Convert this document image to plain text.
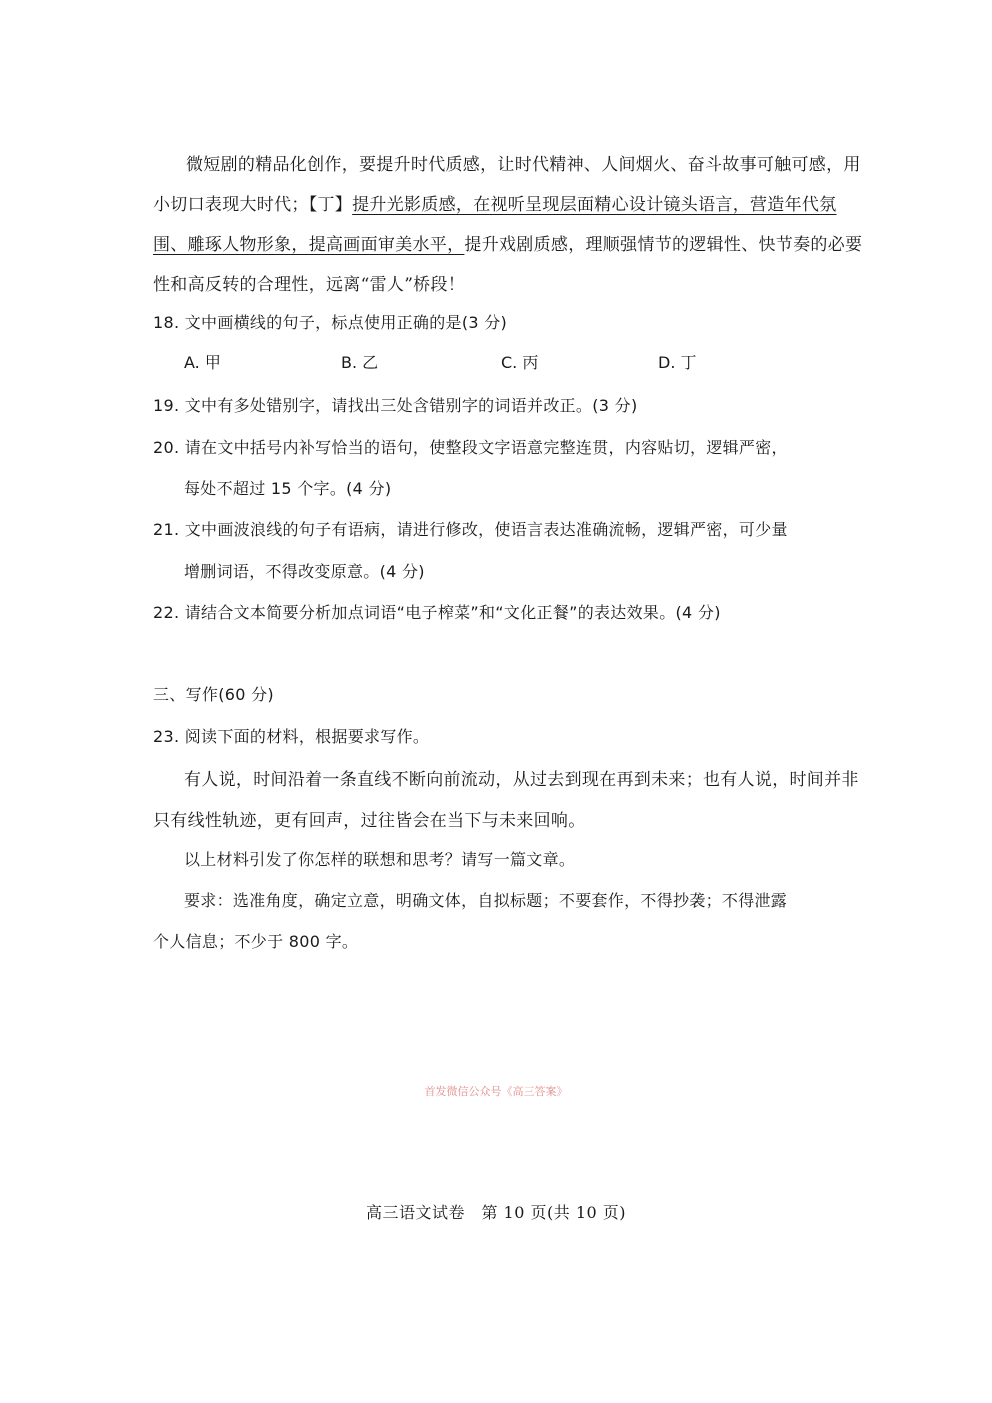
微短剧的精品化创作，要提升时代质感，让时代精神、人间烟火、奋斗故事可触可感，用
小切口表现大时代；【丁】提升光影质感，在视听呈现层面精心设计镜头语言，营造年代氛
围、雕琢人物形象，提高画面审美水平，提升戏剧质感，理顺强情节的逻辑性、快节奏的必要
性和高反转的合理性，远离“雷人”桥段！
18. 文中画横线的句子，标点使用正确的是(3 分)
A. 甲	B. 乙	C. 丙	D. 丁
19. 文中有多处错别字，请找出三处含错别字的词语并改正。(3 分)
20. 请在文中括号内补写恰当的语句，使整段文字语意完整连贯，内容贴切，逻辑严密，
每处不超过 15 个字。(4 分)
21. 文中画波浪线的句子有语病，请进行修改，使语言表达准确流畅，逻辑严密，可少量
增删词语，不得改变原意。(4 分)
22. 请结合文本简要分析加点词语“电子榨菜”和“文化正餐”的表达效果。(4 分)
三、写作(60 分)
23. 阅读下面的材料，根据要求写作。
有人说，时间沿着一条直线不断向前流动，从过去到现在再到未来；也有人说，时间并非
只有线性轨迹，更有回声，过往皆会在当下与未来回响。
以上材料引发了你怎样的联想和思考？请写一篇文章。
要求：选准角度，确定立意，明确文体，自拟标题；不要套作，不得抄袭；不得泄露
个人信息；不少于 800 字。
首发微信公众号《高三答案》
高三语文试卷　第 10 页(共 10 页)
